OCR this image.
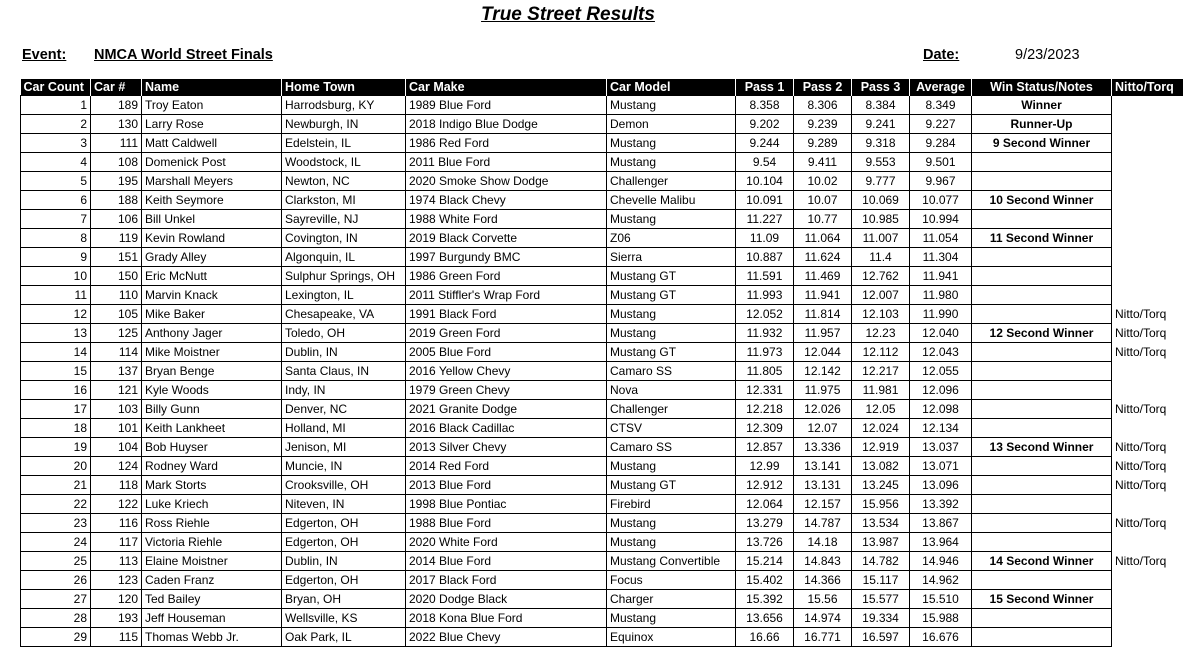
True Street Results
Event: NMCA World Street Finals	Date:	9/23/2023
Car Count	Car #	Name	Home Town	Car Make	Car Model	Pass 1	Pass 2	Pass 3	Average	Win Status/Notes	Nitto/Torq
1	189	Troy Eaton	Harrodsburg, KY	1989 Blue Ford	Mustang	8.358	8.306	8.384	8.349	Winner	
2	130	Larry Rose	Newburgh, IN	2018 Indigo Blue Dodge	Demon	9.202	9.239	9.241	9.227	Runner-Up	
3	111	Matt Caldwell	Edelstein, IL	1986 Red Ford	Mustang	9.244	9.289	9.318	9.284	9 Second Winner	
4	108	Domenick Post	Woodstock, IL	2011 Blue Ford	Mustang	9.54	9.411	9.553	9.501		
5	195	Marshall Meyers	Newton, NC	2020 Smoke Show Dodge	Challenger	10.104	10.02	9.777	9.967		
6	188	Keith Seymore	Clarkston, MI	1974 Black Chevy	Chevelle Malibu	10.091	10.07	10.069	10.077	10 Second Winner	
7	106	Bill Unkel	Sayreville, NJ	1988 White Ford	Mustang	11.227	10.77	10.985	10.994		
8	119	Kevin Rowland	Covington, IN	2019 Black Corvette	Z06	11.09	11.064	11.007	11.054	11 Second Winner	
9	151	Grady Alley	Algonquin, IL	1997 Burgundy BMC	Sierra	10.887	11.624	11.4	11.304		
10	150	Eric McNutt	Sulphur Springs, OH	1986 Green Ford	Mustang GT	11.591	11.469	12.762	11.941		
11	110	Marvin Knack	Lexington, IL	2011 Stiffler's Wrap Ford	Mustang GT	11.993	11.941	12.007	11.980		
12	105	Mike Baker	Chesapeake, VA	1991 Black Ford	Mustang	12.052	11.814	12.103	11.990		Nitto/Torq
13	125	Anthony Jager	Toledo, OH	2019 Green Ford	Mustang	11.932	11.957	12.23	12.040	12 Second Winner	Nitto/Torq
14	114	Mike Moistner	Dublin, IN	2005 Blue Ford	Mustang GT	11.973	12.044	12.112	12.043		Nitto/Torq
15	137	Bryan Benge	Santa Claus, IN	2016 Yellow Chevy	Camaro SS	11.805	12.142	12.217	12.055		
16	121	Kyle Woods	Indy, IN	1979 Green Chevy	Nova	12.331	11.975	11.981	12.096		
17	103	Billy Gunn	Denver, NC	2021 Granite Dodge	Challenger	12.218	12.026	12.05	12.098		Nitto/Torq
18	101	Keith Lankheet	Holland, MI	2016 Black Cadillac	CTSV	12.309	12.07	12.024	12.134		
19	104	Bob Huyser	Jenison, MI	2013 Silver Chevy	Camaro SS	12.857	13.336	12.919	13.037	13 Second Winner	Nitto/Torq
20	124	Rodney Ward	Muncie, IN	2014 Red Ford	Mustang	12.99	13.141	13.082	13.071		Nitto/Torq
21	118	Mark Storts	Crooksville, OH	2013 Blue Ford	Mustang GT	12.912	13.131	13.245	13.096		Nitto/Torq
22	122	Luke Kriech	Niteven, IN	1998 Blue Pontiac	Firebird	12.064	12.157	15.956	13.392		
23	116	Ross Riehle	Edgerton, OH	1988 Blue Ford	Mustang	13.279	14.787	13.534	13.867		Nitto/Torq
24	117	Victoria Riehle	Edgerton, OH	2020 White Ford	Mustang	13.726	14.18	13.987	13.964		
25	113	Elaine Moistner	Dublin, IN	2014 Blue Ford	Mustang Convertible	15.214	14.843	14.782	14.946	14 Second Winner	Nitto/Torq
26	123	Caden Franz	Edgerton, OH	2017 Black Ford	Focus	15.402	14.366	15.117	14.962		
27	120	Ted Bailey	Bryan, OH	2020 Dodge Black	Charger	15.392	15.56	15.577	15.510	15 Second Winner	
28	193	Jeff Houseman	Wellsville, KS	2018 Kona Blue Ford	Mustang	13.656	14.974	19.334	15.988		
29	115	Thomas Webb Jr.	Oak Park, IL	2022 Blue Chevy	Equinox	16.66	16.771	16.597	16.676		
